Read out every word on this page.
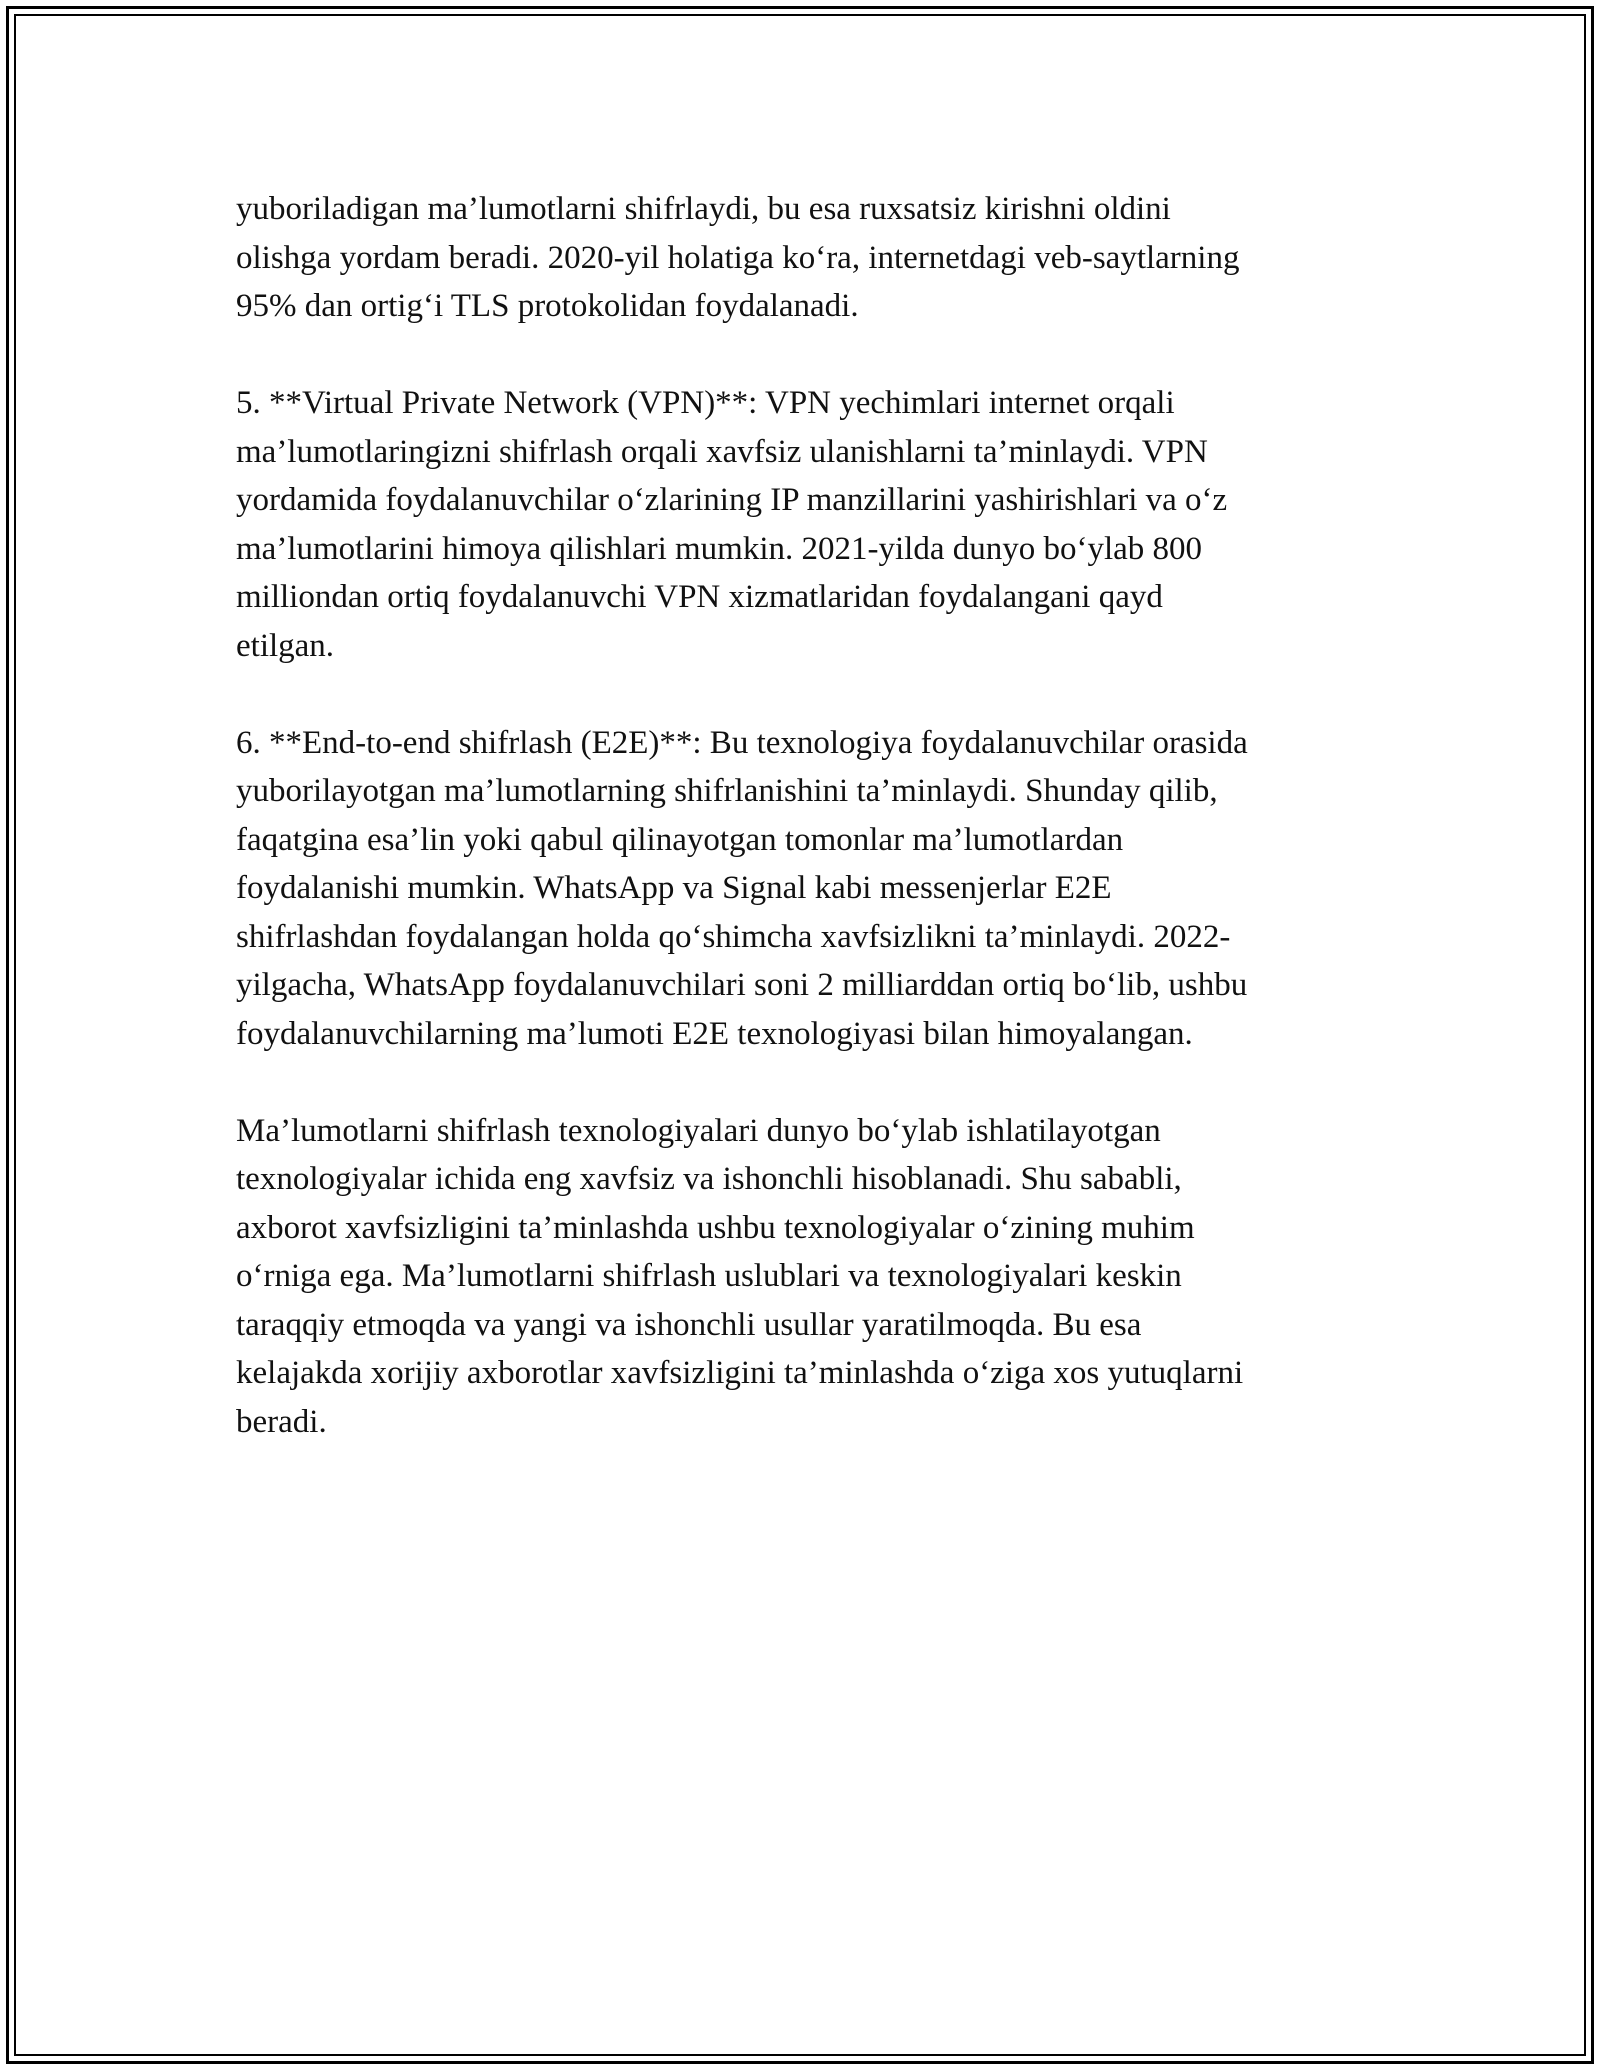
yuboriladigan ma’lumotlarni shifrlaydi, bu esa ruxsatsiz kirishni oldini
olishga yordam beradi. 2020-yil holatiga ko‘ra, internetdagi veb-saytlarning
95% dan ortig‘i TLS protokolidan foydalanadi.

5. **Virtual Private Network (VPN)**: VPN yechimlari internet orqali
ma’lumotlaringizni shifrlash orqali xavfsiz ulanishlarni ta’minlaydi. VPN
yordamida foydalanuvchilar o‘zlarining IP manzillarini yashirishlari va o‘z
ma’lumotlarini himoya qilishlari mumkin. 2021-yilda dunyo bo‘ylab 800
milliondan ortiq foydalanuvchi VPN xizmatlaridan foydalangani qayd
etilgan.

6. **End-to-end shifrlash (E2E)**: Bu texnologiya foydalanuvchilar orasida
yuborilayotgan ma’lumotlarning shifrlanishini ta’minlaydi. Shunday qilib,
faqatgina esa’lin yoki qabul qilinayotgan tomonlar ma’lumotlardan
foydalanishi mumkin. WhatsApp va Signal kabi messenjerlar E2E
shifrlashdan foydalangan holda qo‘shimcha xavfsizlikni ta’minlaydi. 2022-
yilgacha, WhatsApp foydalanuvchilari soni 2 milliarddan ortiq bo‘lib, ushbu
foydalanuvchilarning ma’lumoti E2E texnologiyasi bilan himoyalangan.

Ma’lumotlarni shifrlash texnologiyalari dunyo bo‘ylab ishlatilayotgan
texnologiyalar ichida eng xavfsiz va ishonchli hisoblanadi. Shu sababli,
axborot xavfsizligini ta’minlashda ushbu texnologiyalar o‘zining muhim
o‘rniga ega. Ma’lumotlarni shifrlash uslublari va texnologiyalari keskin
taraqqiy etmoqda va yangi va ishonchli usullar yaratilmoqda. Bu esa
kelajakda xorijiy axborotlar xavfsizligini ta’minlashda o‘ziga xos yutuqlarni
beradi.
